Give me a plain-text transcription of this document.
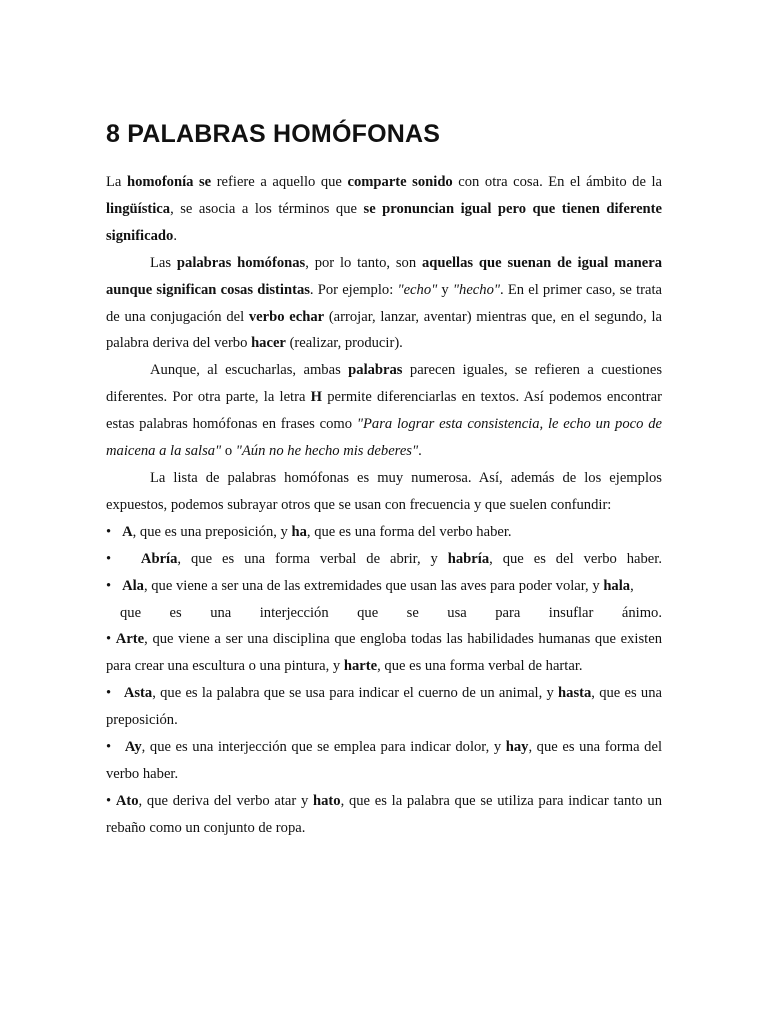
8 PALABRAS HOMÓFONAS

La homofonía se refiere a aquello que comparte sonido con otra cosa. En el ámbito de la lingüística, se asocia a los términos que se pronuncian igual pero que tienen diferente significado.

Las palabras homófonas, por lo tanto, son aquellas que suenan de igual manera aunque significan cosas distintas. Por ejemplo: "echo" y "hecho". En el primer caso, se trata de una conjugación del verbo echar (arrojar, lanzar, aventar) mientras que, en el segundo, la palabra deriva del verbo hacer (realizar, producir).

Aunque, al escucharlas, ambas palabras parecen iguales, se refieren a cuestiones diferentes. Por otra parte, la letra H permite diferenciarlas en textos. Así podemos encontrar estas palabras homófonas en frases como "Para lograr esta consistencia, le echo un poco de maicena a la salsa" o "Aún no he hecho mis deberes".

La lista de palabras homófonas es muy numerosa. Así, además de los ejemplos expuestos, podemos subrayar otros que se usan con frecuencia y que suelen confundir:

• A, que es una preposición, y ha, que es una forma del verbo haber.

• Abría, que es una forma verbal de abrir, y habría, que es del verbo haber.

• Ala, que viene a ser una de las extremidades que usan las aves para poder volar, y hala,

que es una interjección que se usa para insuflar ánimo.

• Arte, que viene a ser una disciplina que engloba todas las habilidades humanas que existen para crear una escultura o una pintura, y harte, que es una forma verbal de hartar.

• Asta, que es la palabra que se usa para indicar el cuerno de un animal, y hasta, que es una preposición.

• Ay, que es una interjección que se emplea para indicar dolor, y hay, que es una forma del verbo haber.

• Ato, que deriva del verbo atar y hato, que es la palabra que se utiliza para indicar tanto un rebaño como un conjunto de ropa.
